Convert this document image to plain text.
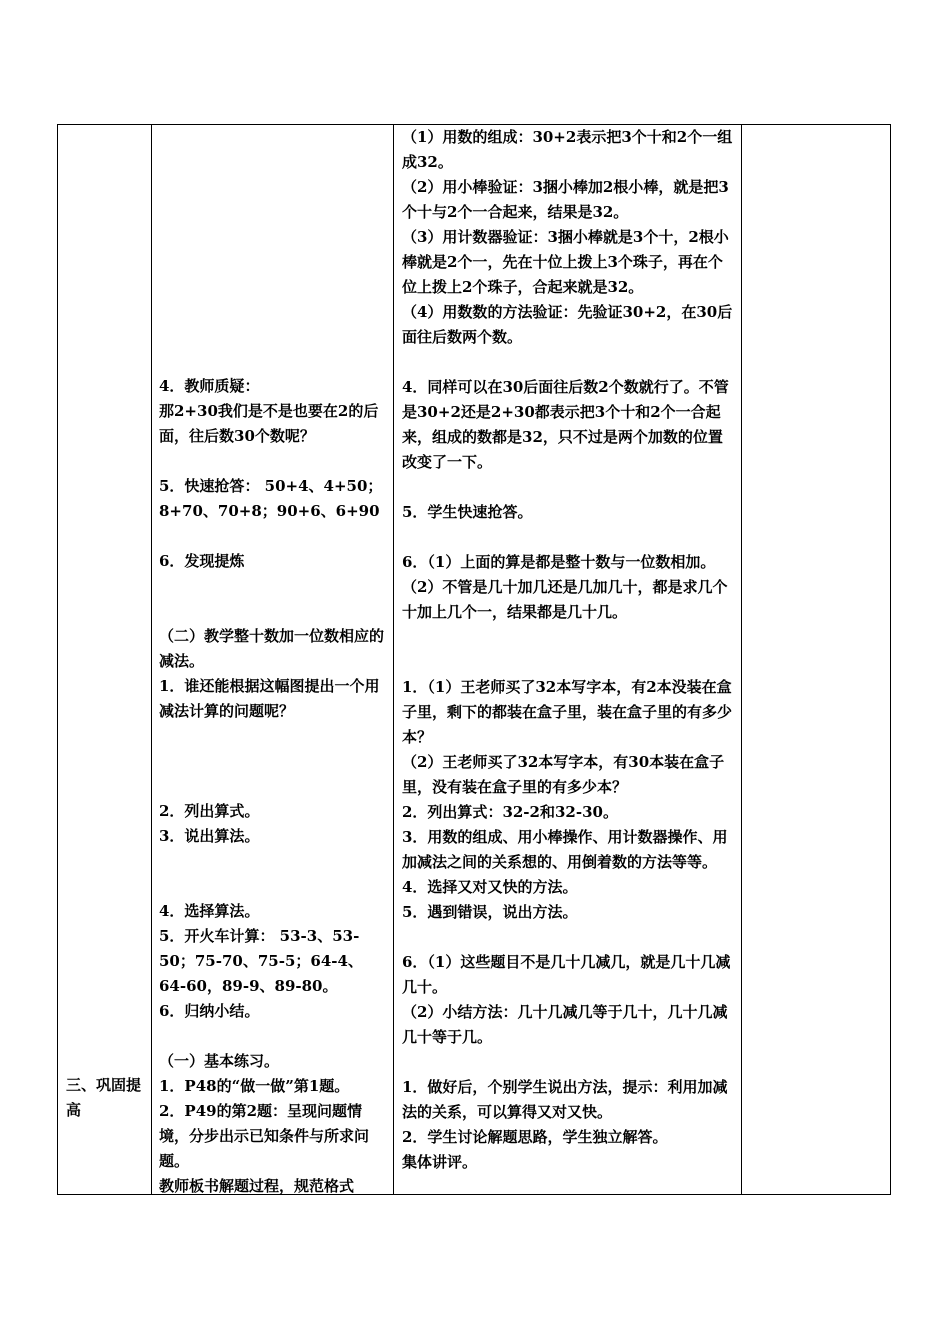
三、巩固提高

4．教师质疑：

那2+30我们是不是也要在2的后面，往后数30个数呢？

5．快速抢答： 50+4、4+50；8+70、70+8；90+6、6+90

6．发现提炼

（二）教学整十数加一位数相应的减法。

1．谁还能根据这幅图提出一个用减法计算的问题呢？

2．列出算式。

3．说出算法。

4．选择算法。

5．开火车计算： 53-3、53-50；75-70、75-5；64-4、64-60，89-9、89-80。

6．归纳小结。

（一）基本练习。

1．P48的“做一做”第1题。

2．P49的第2题：呈现问题情境，分步出示已知条件与所求问题。

教师板书解题过程，规范格式

（1）用数的组成：30+2表示把3个十和2个一组成32。

（2）用小棒验证：3捆小棒加2根小棒，就是把3个十与2个一合起来，结果是32。

（3）用计数器验证：3捆小棒就是3个十，2根小棒就是2个一，先在十位上拨上3个珠子，再在个位上拨上2个珠子，合起来就是32。

（4）用数数的方法验证：先验证30+2，在30后面往后数两个数。

4．同样可以在30后面往后数2个数就行了。不管是30+2还是2+30都表示把3个十和2个一合起来，组成的数都是32，只不过是两个加数的位置改变了一下。

5．学生快速抢答。

6．（1）上面的算是都是整十数与一位数相加。

（2）不管是几十加几还是几加几十，都是求几个十加上几个一，结果都是几十几。

1．（1）王老师买了32本写字本，有2本没装在盒子里，剩下的都装在盒子里，装在盒子里的有多少本？

（2）王老师买了32本写字本，有30本装在盒子里，没有装在盒子里的有多少本？

2．列出算式：32-2和32-30。

3．用数的组成、用小棒操作、用计数器操作、用加减法之间的关系想的、用倒着数的方法等等。

4．选择又对又快的方法。

5．遇到错误，说出方法。

6．（1）这些题目不是几十几减几，就是几十几减几十。

（2）小结方法：几十几减几等于几十，几十几减几十等于几。

1．做好后，个别学生说出方法，提示：利用加减法的关系，可以算得又对又快。

2．学生讨论解题思路，学生独立解答。

集体讲评。
